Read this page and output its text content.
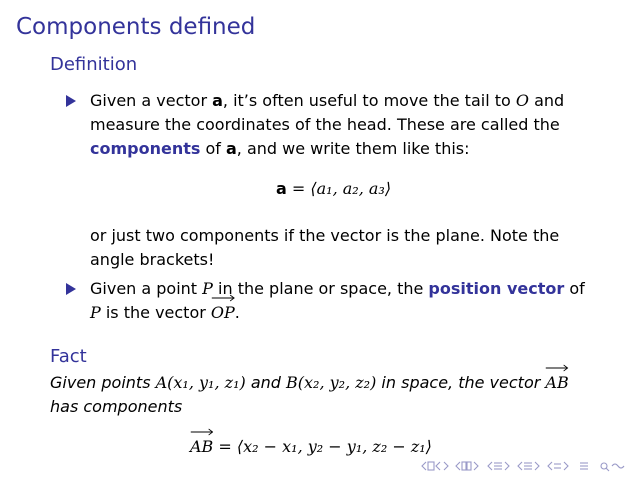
Components defined
Definition
Given a vector a, it’s often useful to move the tail to O and
measure the coordinates of the head. These are called the
components of a, and we write them like this:
a = ⟨a₁, a₂, a₃⟩
or just two components if the vector is the plane. Note the
angle brackets!
Given a point P in the plane or space, the position vector of
P is the vector
OP.
Fact
Given points A(x₁, y₁, z₁) and B(x₂, y₂, z₂) in space, the vector
AB
has components
AB = ⟨x₂ − x₁, y₂ − y₁, z₂ − z₁⟩
